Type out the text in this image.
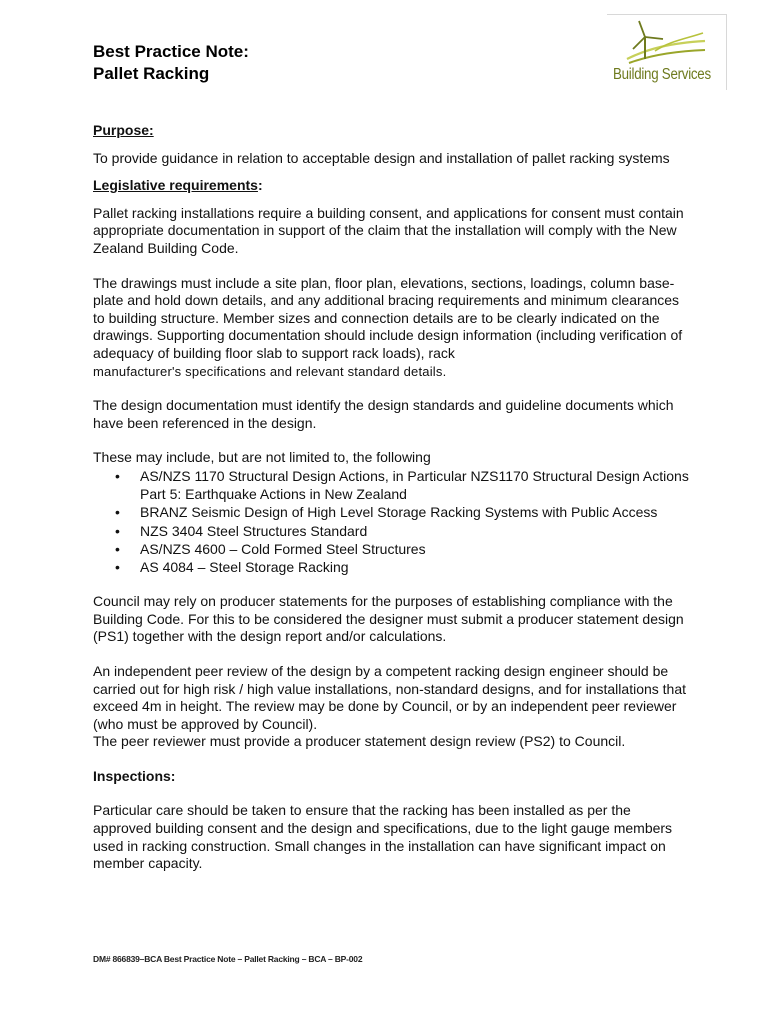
Best Practice Note:
Pallet Racking	Building Services

Purpose:

To provide guidance in relation to acceptable design and installation of pallet racking systems

Legislative requirements:

Pallet racking installations require a building consent, and applications for consent must contain appropriate documentation in support of the claim that the installation will comply with the New Zealand Building Code.

The drawings must include a site plan, floor plan, elevations, sections, loadings, column base-plate and hold down details, and any additional bracing requirements and minimum clearances to building structure. Member sizes and connection details are to be clearly indicated on the drawings. Supporting documentation should include design information (including verification of adequacy of building floor slab to support rack loads), rack

manufacturer's specifications and relevant standard details.

The design documentation must identify the design standards and guideline documents which have been referenced in the design.

These may include, but are not limited to, the following

• AS/NZS 1170 Structural Design Actions, in Particular NZS1170 Structural Design Actions Part 5: Earthquake Actions in New Zealand
• BRANZ Seismic Design of High Level Storage Racking Systems with Public Access
• NZS 3404 Steel Structures Standard
• AS/NZS 4600 – Cold Formed Steel Structures
• AS 4084 – Steel Storage Racking

Council may rely on producer statements for the purposes of establishing compliance with the Building Code. For this to be considered the designer must submit a producer statement design (PS1) together with the design report and/or calculations.

An independent peer review of the design by a competent racking design engineer should be carried out for high risk / high value installations, non-standard designs, and for installations that exceed 4m in height. The review may be done by Council, or by an independent peer reviewer (who must be approved by Council).

The peer reviewer must provide a producer statement design review (PS2) to Council.

Inspections:

Particular care should be taken to ensure that the racking has been installed as per the approved building consent and the design and specifications, due to the light gauge members used in racking construction. Small changes in the installation can have significant impact on member capacity.

DM# 866839–BCA Best Practice Note – Pallet Racking – BCA – BP-002
